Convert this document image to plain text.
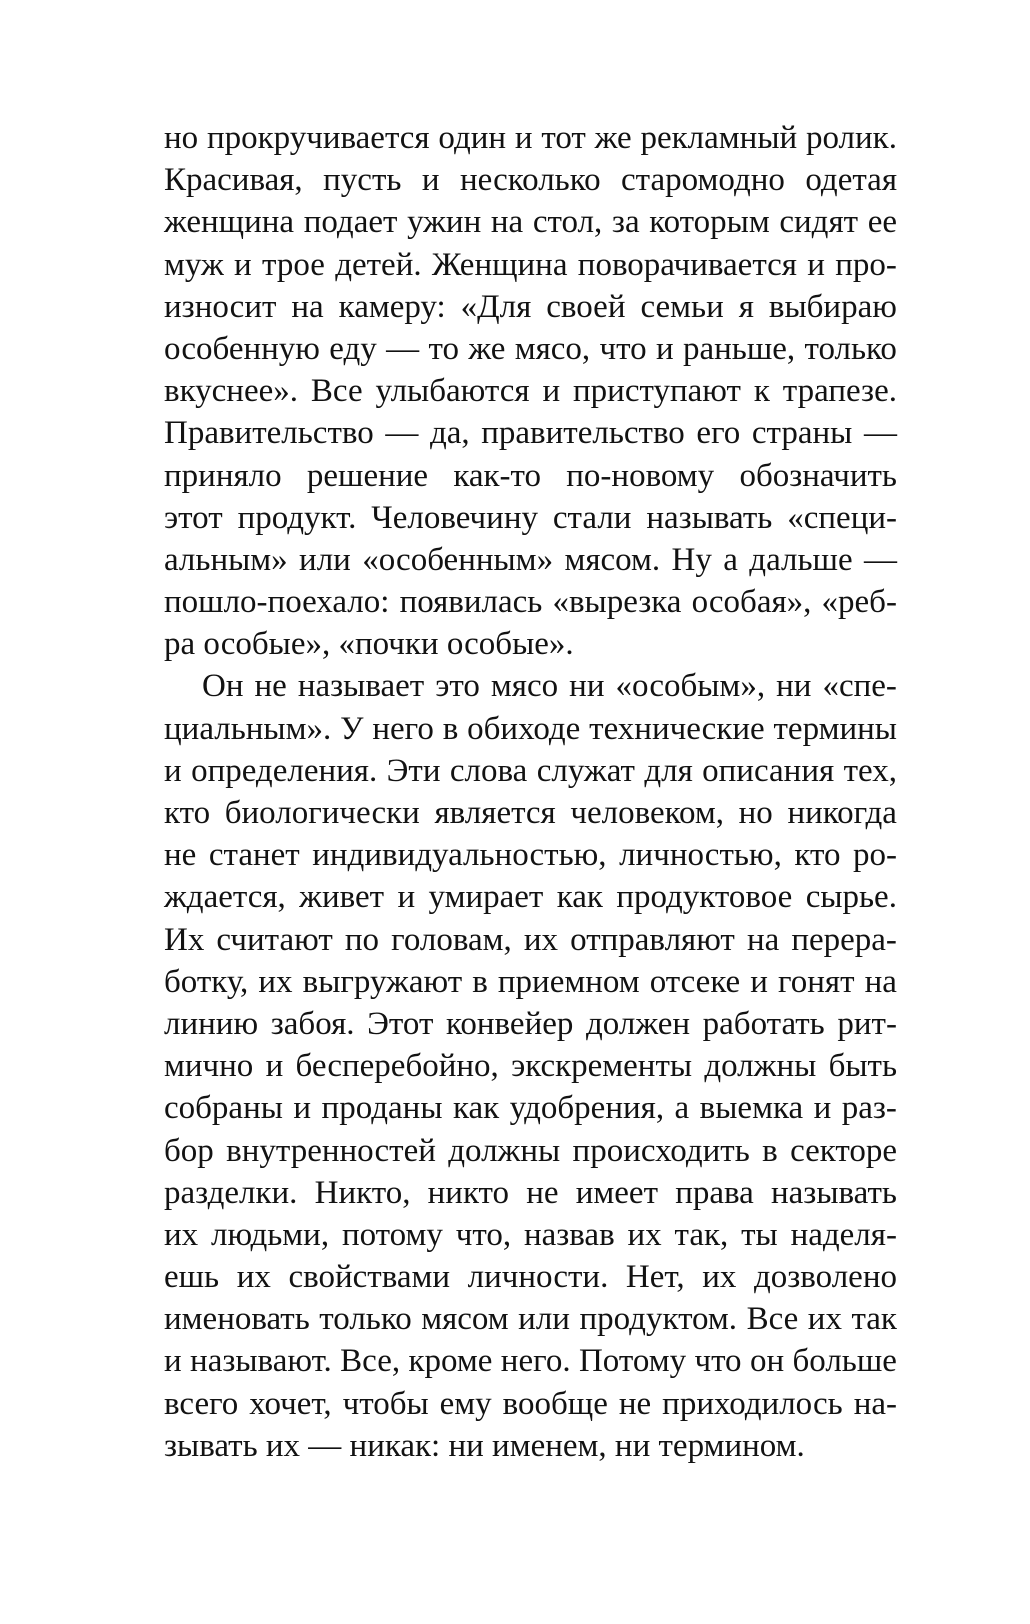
но прокручивается один и тот же рекламный ролик.
Красивая, пусть и несколько старомодно одетая
женщина подает ужин на стол, за которым сидят ее
муж и трое детей. Женщина поворачивается и про-
износит на камеру: «Для своей семьи я выбираю
особенную еду — то же мясо, что и раньше, только
вкуснее». Все улыбаются и приступают к трапезе.
Правительство — да, правительство его страны —
приняло решение как-то по-новому обозначить
этот продукт. Человечину стали называть «специ-
альным» или «особенным» мясом. Ну а дальше —
пошло-поехало: появилась «вырезка особая», «реб-
ра особые», «почки особые».
Он не называет это мясо ни «особым», ни «спе-
циальным». У него в обиходе технические термины
и определения. Эти слова служат для описания тех,
кто биологически является человеком, но никогда
не станет индивидуальностью, личностью, кто ро-
ждается, живет и умирает как продуктовое сырье.
Их считают по головам, их отправляют на перера-
ботку, их выгружают в приемном отсеке и гонят на
линию забоя. Этот конвейер должен работать рит-
мично и бесперебойно, экскременты должны быть
собраны и проданы как удобрения, а выемка и раз-
бор внутренностей должны происходить в секторе
разделки. Никто, никто не имеет права называть
их людьми, потому что, назвав их так, ты наделя-
ешь их свойствами личности. Нет, их дозволено
именовать только мясом или продуктом. Все их так
и называют. Все, кроме него. Потому что он больше
всего хочет, чтобы ему вообще не приходилось на-
зывать их — никак: ни именем, ни термином.
